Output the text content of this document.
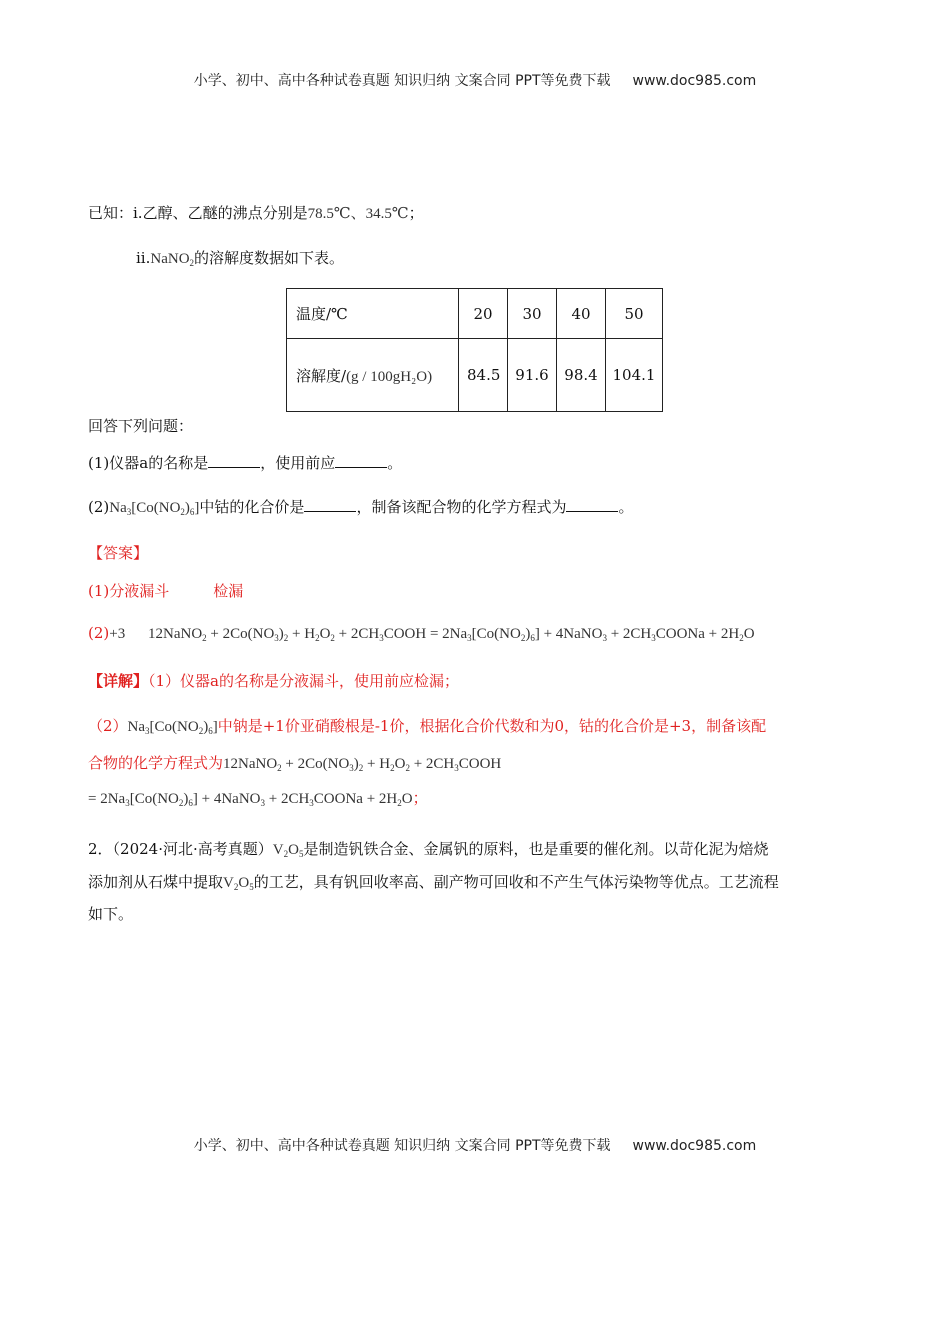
小学、初中、高中各种试卷真题 知识归纳 文案合同 PPT等免费下载 www.doc985.com
已知：i.乙醇、乙醚的沸点分别是78.5℃、34.5℃；
ii.NaNO$_2$的溶解度数据如下表。
温度/℃	20	30	40	50
溶解度/(g / 100gH₂O)	84.5	91.6	98.4	104.1
回答下列问题：
(1)仪器a的名称是	，使用前应	。
$(2)Na_3[Co(NO_2)_6]$中钴的化合价是	，制备该配合物的化学方程式为	。
【答案】
(1)分液漏斗	检漏
(2)+3 12NaNO$_2$ + $2Co(NO_3)_2 + H_2O_2$ + $2CH_3COOH = 2Na_3[Co(NO_2)_6]$ + 4NaNO$_3$ + $2CH_3COONa + 2H_2O$
【详解】（1）仪器a的名称是分液漏斗，使用前应检漏；
$(2)Na_3[Co(NO_2)_6]$中钠是+1价亚硝酸根是-1价，根据化合价代数和为0，钴的化合价是+3，制备该配
合物的化学方程式为12NaNO$_2$ + $2Co(NO_3)_2 + H_2O_2$ + $2CH_3COOH$
= $2Na_3[Co(NO_2)_6]$ + 4NaNO$_3$ + $2CH_3COONa + 2H_2O$；
2．（2024·河北·高考真题）$V_2O_5$是制造钒铁合金、金属钒的原料，也是重要的催化剂。以苛化泥为焙烧
添加剂从石煤中提取$V_2O_5$的工艺，具有钒回收率高、副产物可回收和不产生气体污染物等优点。工艺流程
如下。
小学、初中、高中各种试卷真题 知识归纳 文案合同 PPT等免费下载 www.doc985.com
